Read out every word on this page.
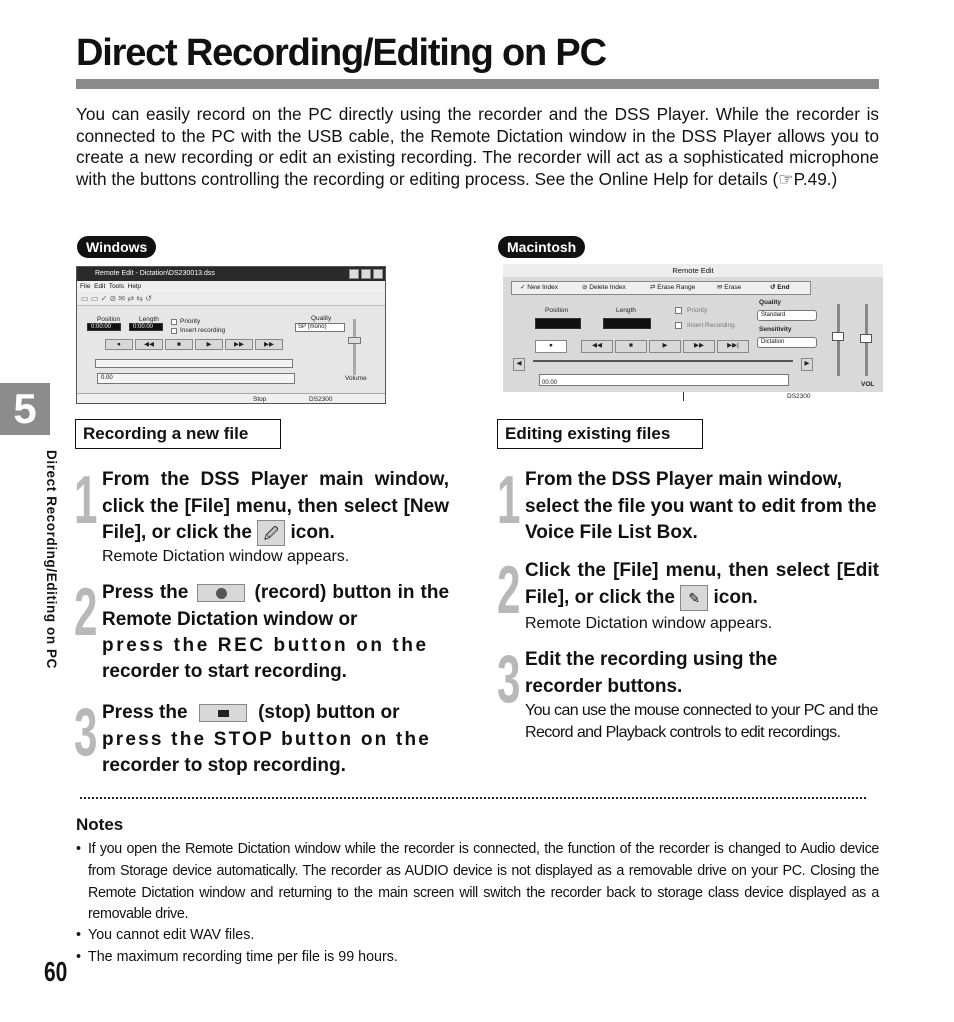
Direct Recording/Editing on PC
You can easily record on the PC directly using the recorder and the DSS Player. While the recorder is connected to the PC with the USB cable, the Remote Dictation window in the DSS Player allows you to create a new recording or edit an existing recording. The recorder will act as a sophisticated microphone with the buttons controlling the recording or editing process. See the Online Help for details (☞P.49.)
5
Direct Recording/Editing on PC
Windows	Macintosh
Remote Edit - Dictation\DS230013.dss
File Edit Tools Help
▭ ▭ ✓ ⊘ ✉ ⇄ ⇆ ↺
Position
0:00:00
Length
0:00:00
Priority
Insert recording
Quality
SP (mono)
●	◀◀	■	▶	▶▶	▶▶
0.00	Volume
Stop	DS2300
Remote Edit
✓ New Index	⊘ Delete Index	⇄ Erase Range	✉ Erase	↺ End
Position	Length	Priority
Insert Recording
Quality
Standard
Sensitivity
Dictation
●	◀◀	■	▶	▶▶	▶▶|
◀	▶
00.00	VOL
DS2300
Recording a new file	Editing existing files
1 From the DSS Player main window, click the [File] menu, then select [New File], or click the 🖉 icon.
Remote Dictation window appears.
2 Press the	(record) button in the Remote Dictation window or
press the REC button on the
recorder to start recording.
3 Press the	(stop) button or
press the STOP button on the
recorder to stop recording.
1 From the DSS Player main window, select the file you want to edit from the Voice File List Box.
2 Click the [File] menu, then select [Edit File], or click the ✎ icon.
Remote Dictation window appears.
3 Edit the recording using the recorder buttons.
You can use the mouse connected to your PC and the Record and Playback controls to edit recordings.
Notes
• If you open the Remote Dictation window while the recorder is connected, the function of the recorder is changed to Audio device from Storage device automatically. The recorder as AUDIO device is not displayed as a removable drive on your PC. Closing the Remote Dictation window and returning to the main screen will switch the recorder back to storage class device displayed as a removable drive.
• You cannot edit WAV files.
• The maximum recording time per file is 99 hours.
60
